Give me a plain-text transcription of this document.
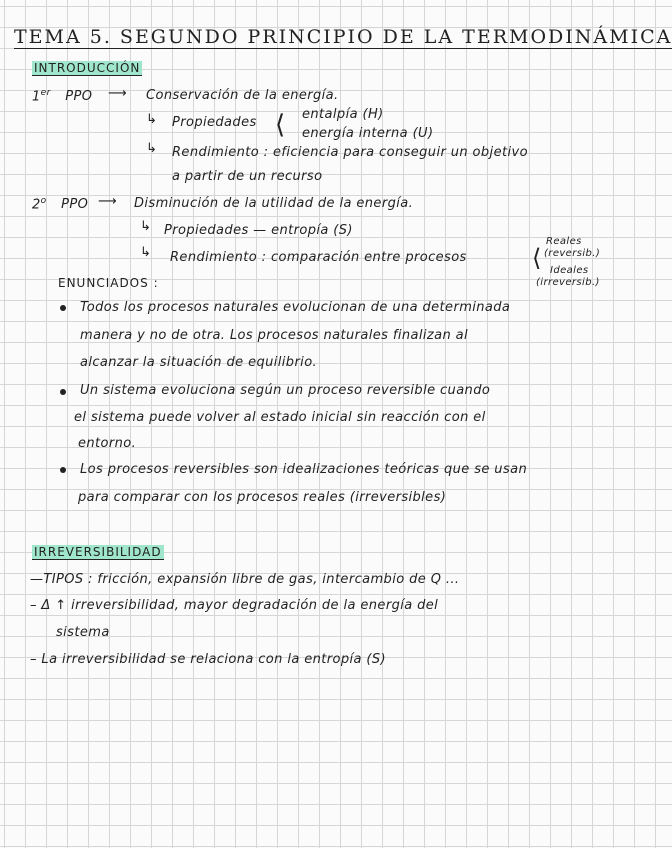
TEMA 5. SEGUNDO PRINCIPIO DE LA TERMODINÁMICA
INTRODUCCIÓN
1er PPO ⟶ Conservación de la energía.
↳ Propiedades ⟨ entalpía (H)
energía interna (U)
↳ Rendimiento : eficiencia para conseguir un objetivo
a partir de un recurso
2$^o$ PPO ⟶ Disminución de la utilidad de la energía.
↳ Propiedades — entropía (S)
↳ Rendimiento : comparación entre procesos	⟨
Reales
(reversib.)
Ideales
(irreversib.)
ENUNCIADOS :
Todos los procesos naturales evolucionan de una determinada
manera y no de otra. Los procesos naturales finalizan al
alcanzar la situación de equilibrio.
Un sistema evoluciona según un proceso reversible cuando
el sistema puede volver al estado inicial sin reacción con el
entorno.
Los procesos reversibles son idealizaciones teóricas que se usan
para comparar con los procesos reales (irreversibles)
IRREVERSIBILIDAD
—TIPOS : fricción, expansión libre de gas, intercambio de Q ...
– Δ ↑ irreversibilidad, mayor degradación de la energía del
sistema
– La irreversibilidad se relaciona con la entropía (S)
